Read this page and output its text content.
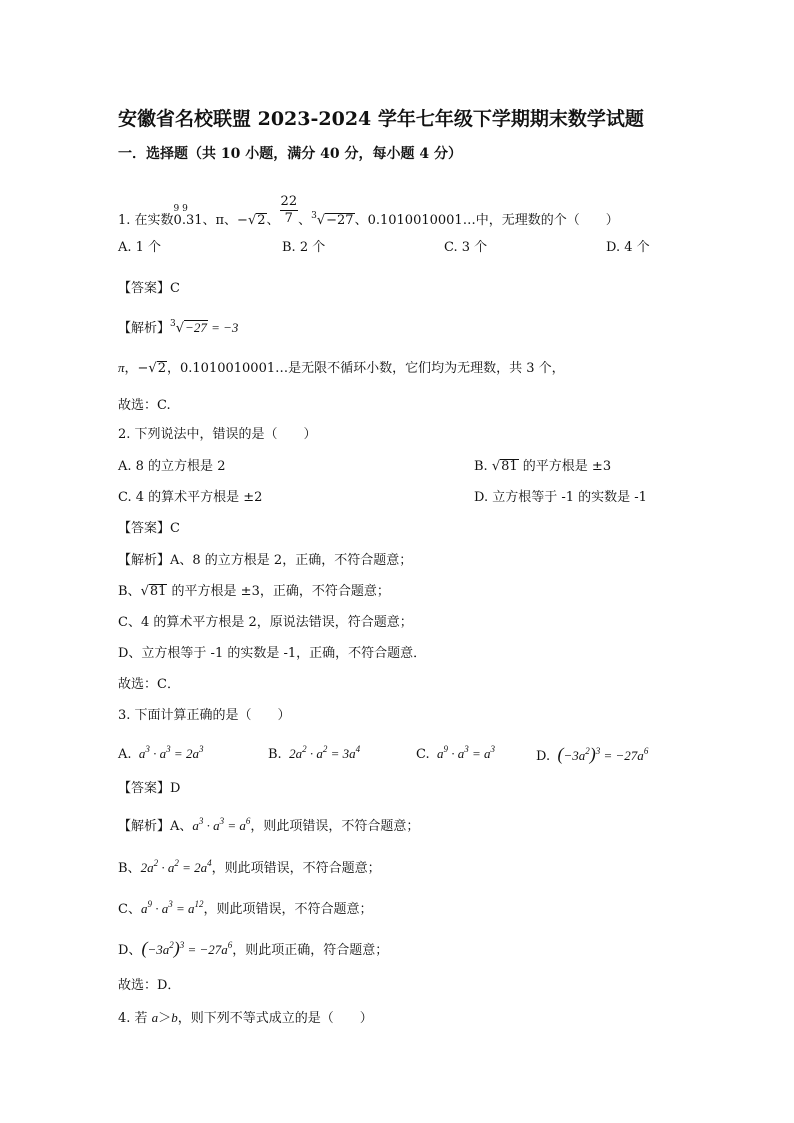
安徽省名校联盟 2023-2024 学年七年级下学期期末数学试题
一．选择题（共 10 小题，满分 40 分，每小题 4 分）
1. 在实数
9 9
0.31、π、−√2、 $\frac{22}{7}$ 、$^3$√−27、0.1010010001…中，无理数的个（　　）
A. 1 个	B. 2 个	C. 3 个	D. 4 个
【答案】C
【解析】$^3$√−27 = −3
π，−√2，0.1010010001…是无限不循环小数，它们均为无理数，共 3 个，
故选：C.
2. 下列说法中，错误的是（　　）
A. 8 的立方根是 2	B. √81 的平方根是 ±3
C. 4 的算术平方根是 ±2	D. 立方根等于 -1 的实数是 -1
【答案】C
【解析】A、8 的立方根是 2，正确，不符合题意；
B、√81 的平方根是 ±3，正确，不符合题意；
C、4 的算术平方根是 2，原说法错误，符合题意；
D、立方根等于 -1 的实数是 -1，正确，不符合题意．
故选：C．
3. 下面计算正确的是（　　）
A.  $a^3 \cdot a^3 = 2a^3$	B.  $2a^2 \cdot a^2 = 3a^4$	C.  $a^9 \cdot a^3 = a^3$	D. $(-3a^2)^3 = -27a^6$
【答案】D
【解析】A、$a^3 \cdot a^3 = a^6$，则此项错误，不符合题意；
B、$2a^2 \cdot a^2 = 2a^4$，则此项错误，不符合题意；
C、$a^9 \cdot a^3 = a^{12}$，则此项错误，不符合题意；
D、$(-3a^2)^3 = -27a^6$，则此项正确，符合题意；
故选：D．
4. 若 a＞b，则下列不等式成立的是（　　）
